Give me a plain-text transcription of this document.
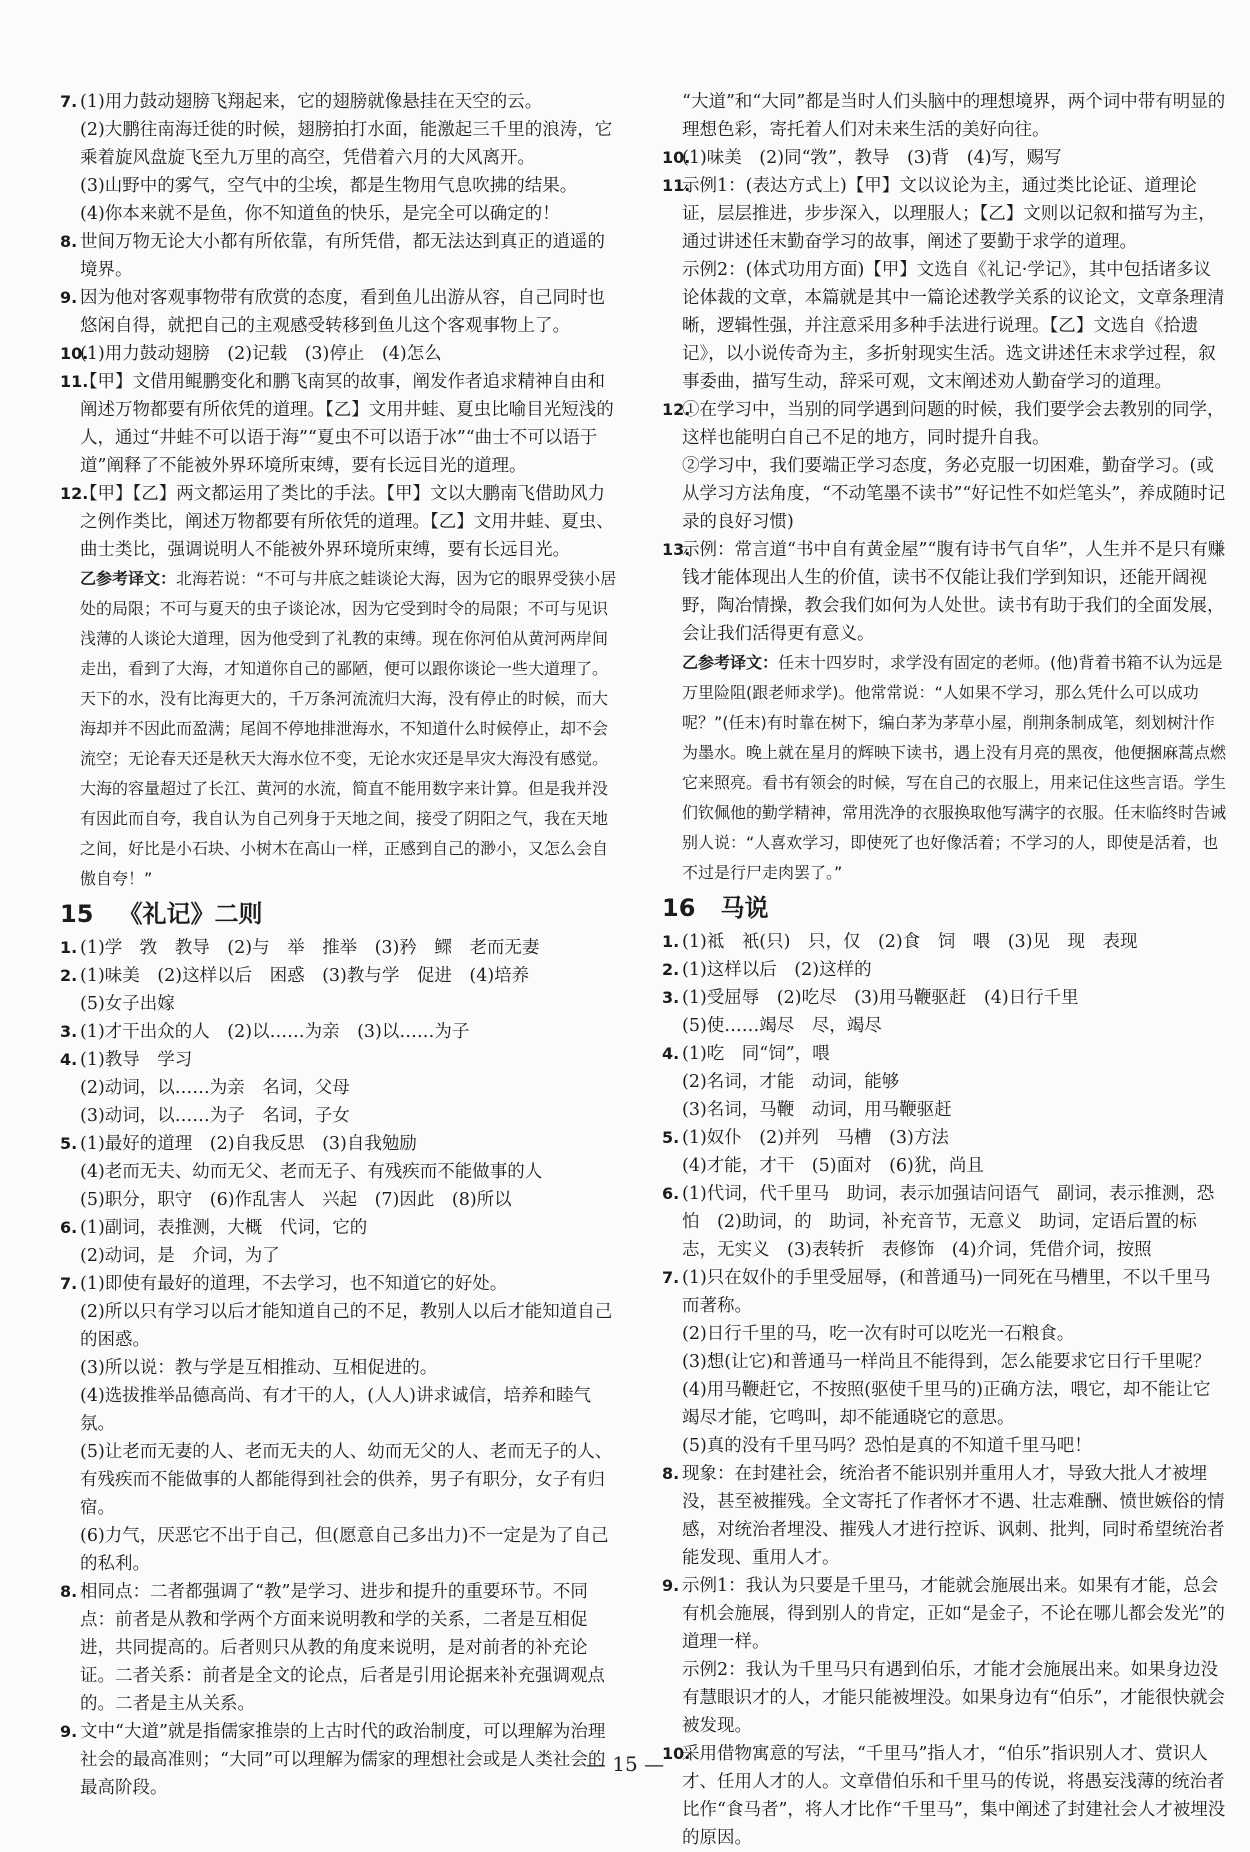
7. (1)用力鼓动翅膀飞翔起来，它的翅膀就像悬挂在天空的云。
(2)大鹏往南海迁徙的时候，翅膀拍打水面，能激起三千里的浪涛，它乘着旋风盘旋飞至九万里的高空，凭借着六月的大风离开。
(3)山野中的雾气，空气中的尘埃，都是生物用气息吹拂的结果。
(4)你本来就不是鱼，你不知道鱼的快乐，是完全可以确定的！
8. 世间万物无论大小都有所依靠，有所凭借，都无法达到真正的逍遥的境界。
9. 因为他对客观事物带有欣赏的态度，看到鱼儿出游从容，自己同时也悠闲自得，就把自己的主观感受转移到鱼儿这个客观事物上了。
10.
(1)用力鼓动翅膀　(2)记载　(3)停止　(4)怎么
11.
【甲】文借用鲲鹏变化和鹏飞南冥的故事，阐发作者追求精神自由和阐述万物都要有所依凭的道理。【乙】文用井蛙、夏虫比喻目光短浅的人，通过“井蛙不可以语于海”“夏虫不可以语于冰”“曲士不可以语于道”阐释了不能被外界环境所束缚，要有长远目光的道理。
12.
【甲】【乙】两文都运用了类比的手法。【甲】文以大鹏南飞借助风力之例作类比，阐述万物都要有所依凭的道理。【乙】文用井蛙、夏虫、曲士类比，强调说明人不能被外界环境所束缚，要有长远目光。
乙参考译文：北海若说：“不可与井底之蛙谈论大海，因为它的眼界受狭小居处的局限；不可与夏天的虫子谈论冰，因为它受到时令的局限；不可与见识浅薄的人谈论大道理，因为他受到了礼教的束缚。现在你河伯从黄河两岸间走出，看到了大海，才知道你自己的鄙陋，便可以跟你谈论一些大道理了。天下的水，没有比海更大的，千万条河流流归大海，没有停止的时候，而大海却并不因此而盈满；尾闾不停地排泄海水，不知道什么时候停止，却不会流空；无论春天还是秋天大海水位不变，无论水灾还是旱灾大海没有感觉。大海的容量超过了长江、黄河的水流，简直不能用数字来计算。但是我并没有因此而自夸，我自认为自己列身于天地之间，接受了阴阳之气，我在天地之间，好比是小石块、小树木在高山一样，正感到自己的渺小，又怎么会自傲自夸！”
15 《礼记》二则
1. (1)学　敩　教导　(2)与　举　推举　(3)矜　鳏　老而无妻
2. (1)味美　(2)这样以后　困惑　(3)教与学　促进　(4)培养
(5)女子出嫁
3. (1)才干出众的人　(2)以……为亲　(3)以……为子
4. (1)教导　学习
(2)动词，以……为亲　名词，父母
(3)动词，以……为子　名词，子女
5. (1)最好的道理　(2)自我反思　(3)自我勉励
(4)老而无夫、幼而无父、老而无子、有残疾而不能做事的人
(5)职分，职守　(6)作乱害人　兴起　(7)因此　(8)所以
6. (1)副词，表推测，大概　代词，它的
(2)动词，是　介词，为了
7. (1)即使有最好的道理，不去学习，也不知道它的好处。
(2)所以只有学习以后才能知道自己的不足，教别人以后才能知道自己的困惑。
(3)所以说：教与学是互相推动、互相促进的。
(4)选拔推举品德高尚、有才干的人，(人人)讲求诚信，培养和睦气氛。
(5)让老而无妻的人、老而无夫的人、幼而无父的人、老而无子的人、有残疾而不能做事的人都能得到社会的供养，男子有职分，女子有归宿。
(6)力气，厌恶它不出于自己，但(愿意自己多出力)不一定是为了自己的私利。
8. 相同点：二者都强调了“教”是学习、进步和提升的重要环节。不同点：前者是从教和学两个方面来说明教和学的关系，二者是互相促进，共同提高的。后者则只从教的角度来说明，是对前者的补充论证。二者关系：前者是全文的论点，后者是引用论据来补充强调观点的。二者是主从关系。
9. 文中“大道”就是指儒家推崇的上古时代的政治制度，可以理解为治理社会的最高准则；“大同”可以理解为儒家的理想社会或是人类社会的最高阶段。
“大道”和“大同”都是当时人们头脑中的理想境界，两个词中带有明显的理想色彩，寄托着人们对未来生活的美好向往。
10.
(1)味美　(2)同“敩”，教导　(3)背　(4)写，赐写
11.
示例1：(表达方式上)【甲】文以议论为主，通过类比论证、道理论证，层层推进，步步深入，以理服人；【乙】文则以记叙和描写为主，通过讲述任末勤奋学习的故事，阐述了要勤于求学的道理。
示例2：(体式功用方面)【甲】文选自《礼记·学记》，其中包括诸多议论体裁的文章，本篇就是其中一篇论述教学关系的议论文，文章条理清晰，逻辑性强，并注意采用多种手法进行说理。【乙】文选自《拾遗记》，以小说传奇为主，多折射现实生活。选文讲述任末求学过程，叙事委曲，描写生动，辞采可观，文末阐述劝人勤奋学习的道理。
12.
①在学习中，当别的同学遇到问题的时候，我们要学会去教别的同学，这样也能明白自己不足的地方，同时提升自我。
②学习中，我们要端正学习态度，务必克服一切困难，勤奋学习。(或从学习方法角度，“不动笔墨不读书”“好记性不如烂笔头”，养成随时记录的良好习惯)
13.
示例：常言道“书中自有黄金屋”“腹有诗书气自华”，人生并不是只有赚钱才能体现出人生的价值，读书不仅能让我们学到知识，还能开阔视野，陶冶情操，教会我们如何为人处世。读书有助于我们的全面发展，会让我们活得更有意义。
乙参考译文：任末十四岁时，求学没有固定的老师。(他)背着书箱不认为远是万里险阻(跟老师求学)。他常常说：“人如果不学习，那么凭什么可以成功呢？”(任末)有时靠在树下，编白茅为茅草小屋，削荆条制成笔，刻划树汁作为墨水。晚上就在星月的辉映下读书，遇上没有月亮的黑夜，他便捆麻蒿点燃它来照亮。看书有领会的时候，写在自己的衣服上，用来记住这些言语。学生们钦佩他的勤学精神，常用洗净的衣服换取他写满字的衣服。任末临终时告诫别人说：“人喜欢学习，即使死了也好像活着；不学习的人，即使是活着，也不过是行尸走肉罢了。”
16 马说
1. (1)祗　衹(只)　只，仅　(2)食　饲　喂　(3)见　现　表现
2. (1)这样以后　(2)这样的
3. (1)受屈辱　(2)吃尽　(3)用马鞭驱赶　(4)日行千里
(5)使……竭尽　尽，竭尽
4. (1)吃　同“饲”，喂
(2)名词，才能　动词，能够
(3)名词，马鞭　动词，用马鞭驱赶
5. (1)奴仆　(2)并列　马槽　(3)方法
(4)才能，才干　(5)面对　(6)犹，尚且
6. (1)代词，代千里马　助词，表示加强诘问语气　副词，表示推测，恐怕　(2)助词，的　助词，补充音节，无意义　助词，定语后置的标志，无实义　(3)表转折　表修饰　(4)介词，凭借介词，按照
7. (1)只在奴仆的手里受屈辱，(和普通马)一同死在马槽里，不以千里马而著称。
(2)日行千里的马，吃一次有时可以吃光一石粮食。
(3)想(让它)和普通马一样尚且不能得到，怎么能要求它日行千里呢？
(4)用马鞭赶它，不按照(驱使千里马的)正确方法，喂它，却不能让它竭尽才能，它鸣叫，却不能通晓它的意思。
(5)真的没有千里马吗？恐怕是真的不知道千里马吧！
8. 现象：在封建社会，统治者不能识别并重用人才，导致大批人才被埋没，甚至被摧残。全文寄托了作者怀才不遇、壮志难酬、愤世嫉俗的情感，对统治者埋没、摧残人才进行控诉、讽刺、批判，同时希望统治者能发现、重用人才。
9. 示例1：我认为只要是千里马，才能就会施展出来。如果有才能，总会有机会施展，得到别人的肯定，正如“是金子，不论在哪儿都会发光”的道理一样。
示例2：我认为千里马只有遇到伯乐，才能才会施展出来。如果身边没有慧眼识才的人，才能只能被埋没。如果身边有“伯乐”，才能很快就会被发现。
10.
采用借物寓意的写法，“千里马”指人才，“伯乐”指识别人才、赏识人才、任用人才的人。文章借伯乐和千里马的传说，将愚妄浅薄的统治者比作“食马者”，将人才比作“千里马”，集中阐述了封建社会人才被埋没的原因。
— 15 —
